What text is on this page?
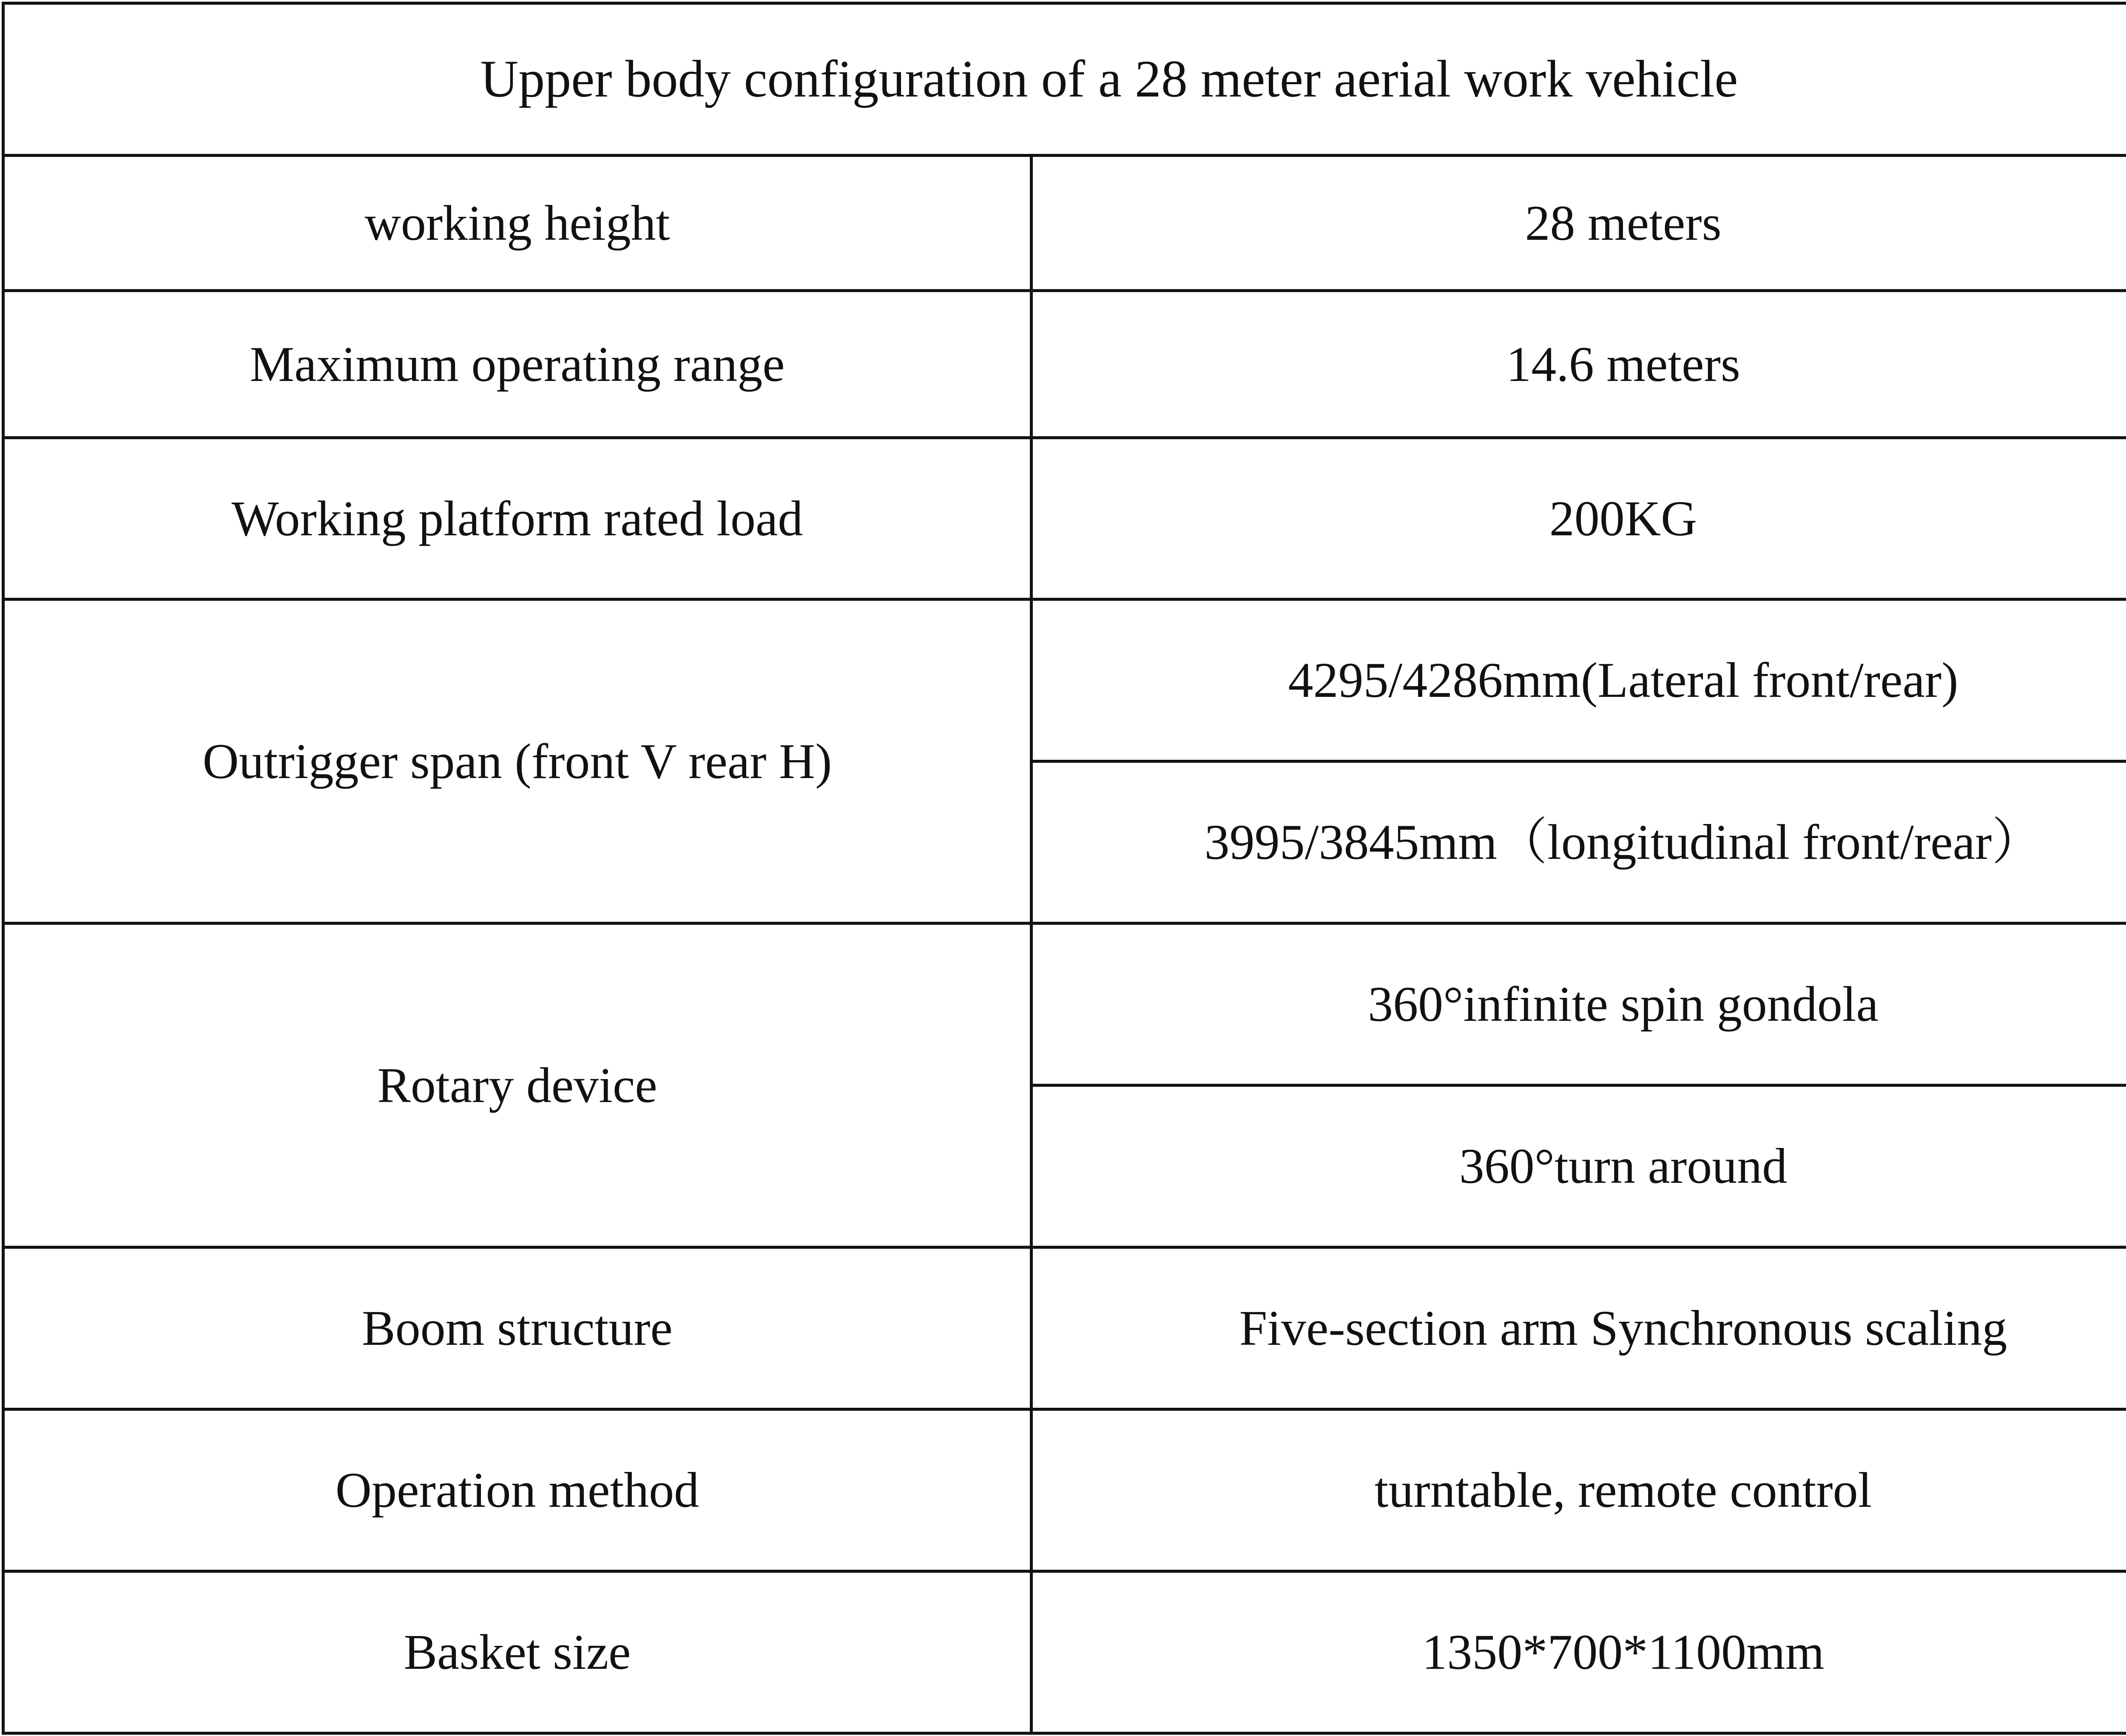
Upper body configuration of a 28 meter aerial work vehicle	
working height	28 meters
Maximum operating range	14.6 meters
Working platform rated load	200KG
Outrigger span (front V rear H)	4295/4286mm(Lateral front/rear)
	3995/3845mm（longitudinal front/rear）
Rotary device	360°infinite spin gondola
	360°turn around
Boom structure	Five-section arm Synchronous scaling
Operation method	turntable, remote control
Basket size	1350*700*1100mm
